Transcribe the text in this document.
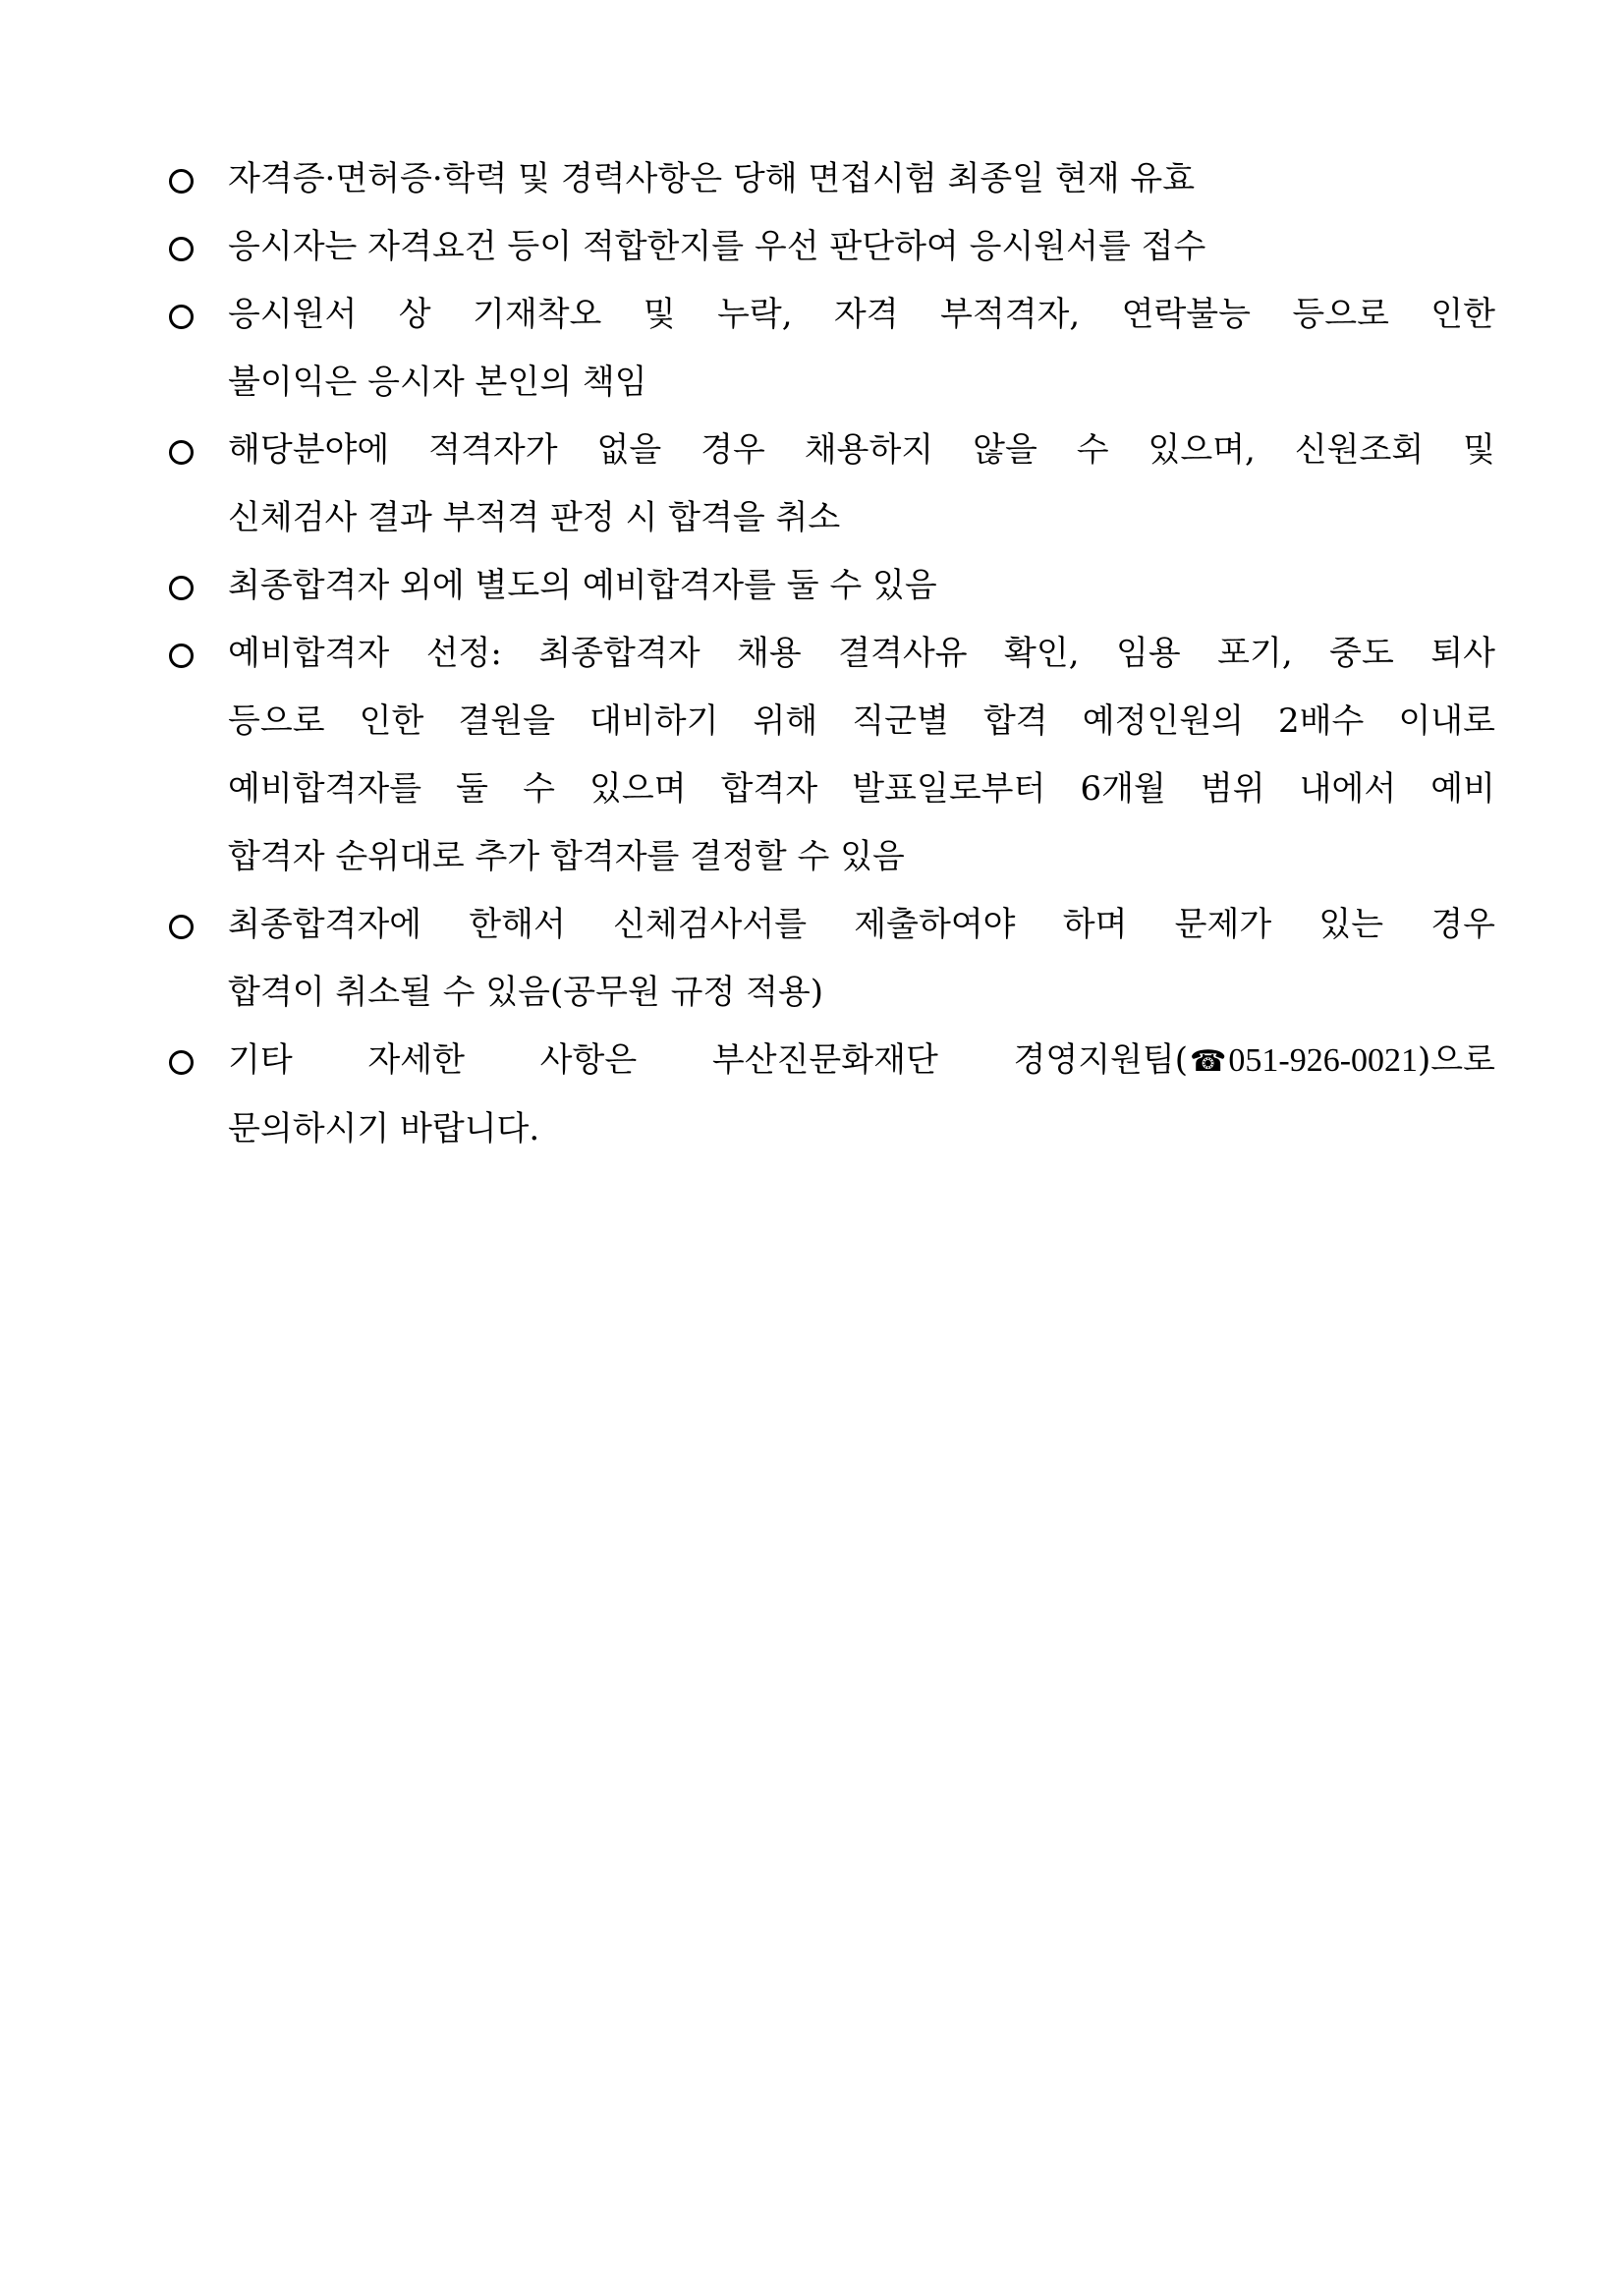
자격증·면허증·학력 및 경력사항은 당해 면접시험 최종일 현재 유효
응시자는 자격요건 등이 적합한지를 우선 판단하여 응시원서를 접수
응시원서 상 기재착오 및 누락, 자격 부적격자, 연락불능 등으로 인한
불이익은 응시자 본인의 책임
해당분야에 적격자가 없을 경우 채용하지 않을 수 있으며, 신원조회 및
신체검사 결과 부적격 판정 시 합격을 취소
최종합격자 외에 별도의 예비합격자를 둘 수 있음
예비합격자 선정: 최종합격자 채용 결격사유 확인, 임용 포기, 중도 퇴사
등으로 인한 결원을 대비하기 위해 직군별 합격 예정인원의 2배수 이내로
예비합격자를 둘 수 있으며 합격자 발표일로부터 6개월 범위 내에서 예비
합격자 순위대로 추가 합격자를 결정할 수 있음
최종합격자에 한해서 신체검사서를 제출하여야 하며 문제가 있는 경우
합격이 취소될 수 있음(공무원 규정 적용)
기타 자세한 사항은 부산진문화재단 경영지원팀(☎051-926-0021)으로
문의하시기 바랍니다.
